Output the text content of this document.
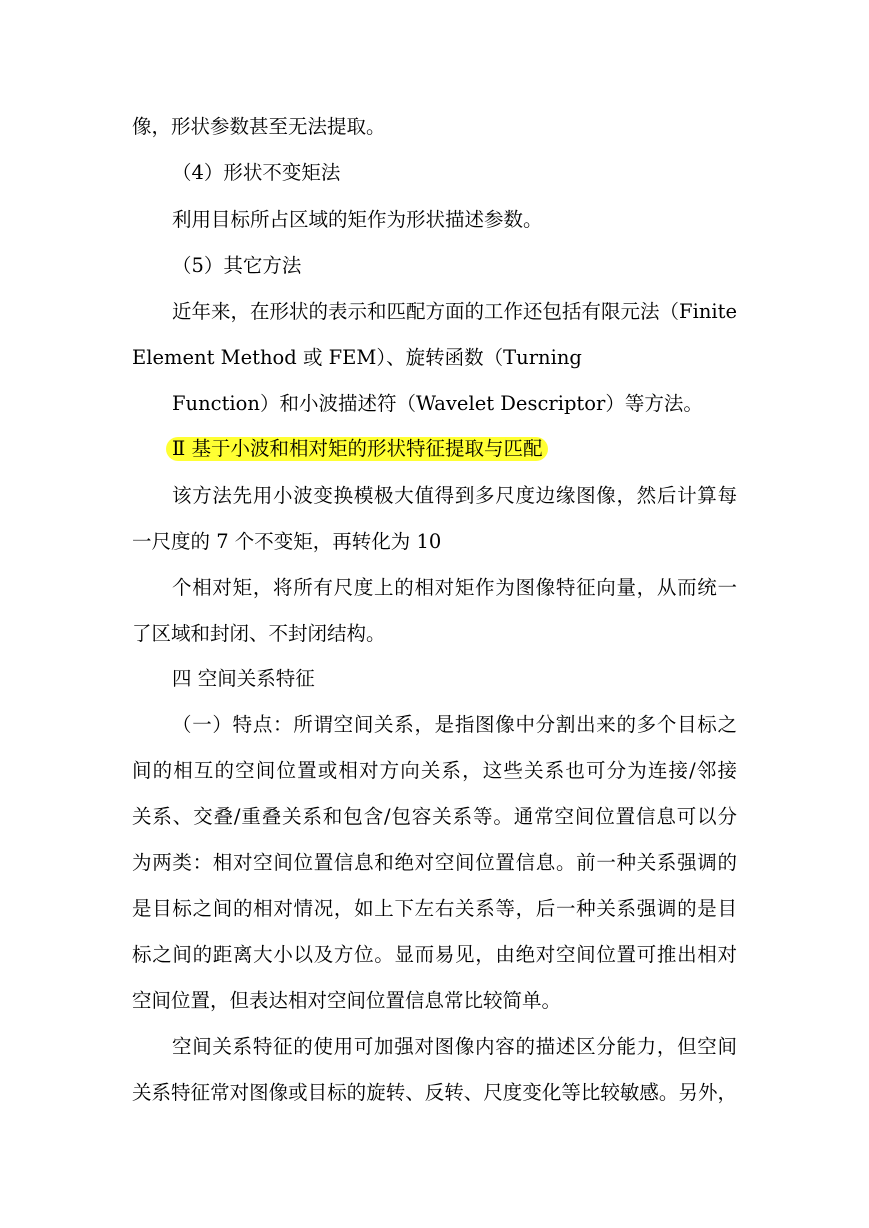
像，形状参数甚至无法提取。
（4）形状不变矩法
利用目标所占区域的矩作为形状描述参数。
（5）其它方法
近年来，在形状的表示和匹配方面的工作还包括有限元法（Finite
Element Method 或 FEM）、旋转函数（Turning
Function）和小波描述符（Wavelet Descriptor）等方法。
Ⅱ 基于小波和相对矩的形状特征提取与匹配
该方法先用小波变换模极大值得到多尺度边缘图像，然后计算每
一尺度的 7 个不变矩，再转化为 10
个相对矩，将所有尺度上的相对矩作为图像特征向量，从而统一
了区域和封闭、不封闭结构。
四 空间关系特征
（一）特点：所谓空间关系，是指图像中分割出来的多个目标之
间的相互的空间位置或相对方向关系，这些关系也可分为连接/邻接
关系、交叠/重叠关系和包含/包容关系等。通常空间位置信息可以分
为两类：相对空间位置信息和绝对空间位置信息。前一种关系强调的
是目标之间的相对情况，如上下左右关系等，后一种关系强调的是目
标之间的距离大小以及方位。显而易见，由绝对空间位置可推出相对
空间位置，但表达相对空间位置信息常比较简单。
空间关系特征的使用可加强对图像内容的描述区分能力，但空间
关系特征常对图像或目标的旋转、反转、尺度变化等比较敏感。另外，
